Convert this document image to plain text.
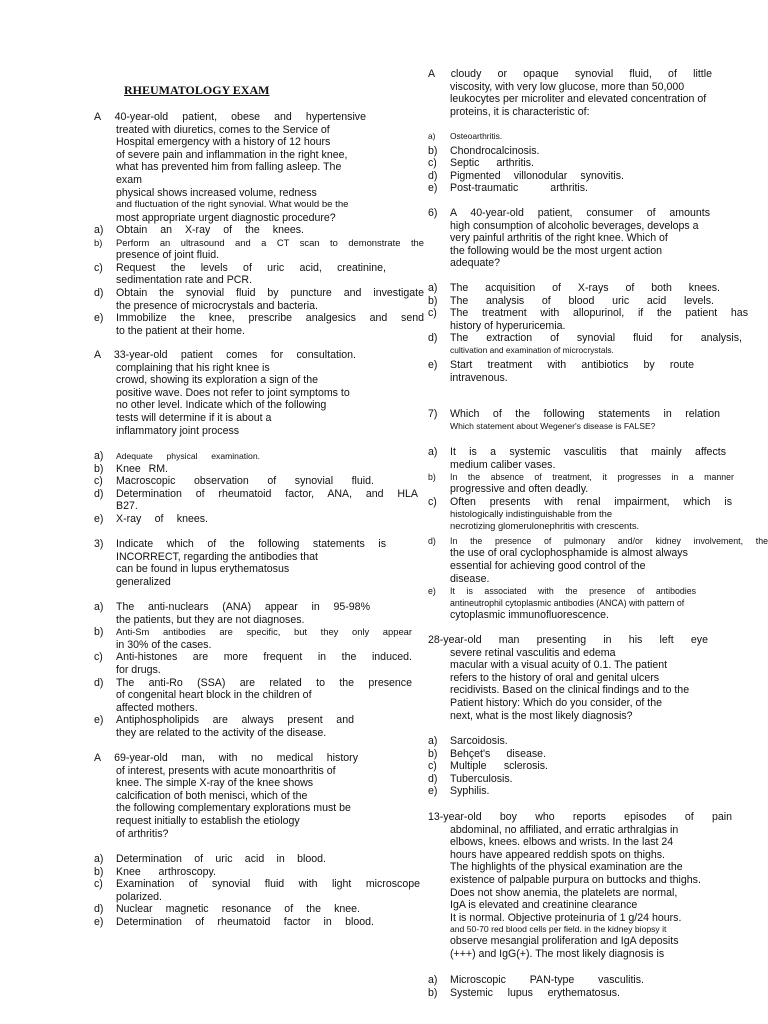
RHEUMATOLOGY EXAM
A 40-year-old patient, obese and hypertensive
treated with diuretics, comes to the Service of
Hospital emergency with a history of 12 hours
of severe pain and inflammation in the right knee,
what has prevented him from falling asleep. The exam
physical shows increased volume, redness
and fluctuation of the right synovial. What would be the
most appropriate urgent diagnostic procedure?
a)	Obtain an X-ray of the knees.
b)	Perform an ultrasound and a CT scan to demonstrate the
presence of joint fluid.
c)	Request the levels of uric acid, creatinine,
sedimentation rate and PCR.
d)	Obtain the synovial fluid by puncture and investigate
the presence of microcrystals and bacteria.
e)	Immobilize the knee, prescribe analgesics and send
to the patient at their home.
A 33-year-old patient comes for consultation.
complaining that his right knee is
crowd, showing its exploration a sign of the
positive wave. Does not refer to joint symptoms to
no other level. Indicate which of the following
tests will determine if it is about a
inflammatory joint process
a)	Adequate physical examination.
b)	Knee RM.
c)	Macroscopic observation of synovial fluid.
d)	Determination of rheumatoid factor, ANA, and HLA
B27.
e)	X-ray of knees.
3)	Indicate which of the following statements is
INCORRECT, regarding the antibodies that
can be found in lupus erythematosus
generalized
a)	The anti-nuclears (ANA) appear in 95-98%
the patients, but they are not diagnoses.
b)	Anti-Sm antibodies are specific, but they only appear
in 30% of the cases.
c)	Anti-histones are more frequent in the induced.
for drugs.
d)	The anti-Ro (SSA) are related to the presence
of congenital heart block in the children of
affected mothers.
e)	Antiphospholipids are always present and
they are related to the activity of the disease.
A 69-year-old man, with no medical history
of interest, presents with acute monoarthritis of
knee. The simple X-ray of the knee shows
calcification of both menisci, which of the
the following complementary explorations must be
request initially to establish the etiology
of arthritis?
a)	Determination of uric acid in blood.
b)	Knee arthroscopy.
c)	Examination of synovial fluid with light microscope
polarized.
d)	Nuclear magnetic resonance of the knee.
e)	Determination of rheumatoid factor in blood.
A cloudy or opaque synovial fluid, of little
viscosity, with very low glucose, more than 50,000
leukocytes per microliter and elevated concentration of
proteins, it is characteristic of:
a)	Osteoarthritis.
b)	Chondrocalcinosis.
c)	Septic arthritis.
d)	Pigmented villonodular synovitis.
e)	Post-traumatic arthritis.
6)	A 40-year-old patient, consumer of amounts
high consumption of alcoholic beverages, develops a
very painful arthritis of the right knee. Which of
the following would be the most urgent action
adequate?
a)	The acquisition of X-rays of both knees.
b)	The analysis of blood uric acid levels.
c)	The treatment with allopurinol, if the patient has
history of hyperuricemia.
d)	The extraction of synovial fluid for analysis,
cultivation and examination of microcrystals.
e)	Start treatment with antibiotics by route
intravenous.
7)	Which of the following statements in relation
Which statement about Wegener's disease is FALSE?
a)	It is a systemic vasculitis that mainly affects
medium caliber vases.
b)	In the absence of treatment, it progresses in a manner
progressive and often deadly.
c)	Often presents with renal impairment, which is
histologically indistinguishable from the
necrotizing glomerulonephritis with crescents.
d)	In the presence of pulmonary and/or kidney involvement, the
the use of oral cyclophosphamide is almost always
essential for achieving good control of the
disease.
e)	It is associated with the presence of antibodies
antineutrophil cytoplasmic antibodies (ANCA) with pattern of
cytoplasmic immunofluorescence.
28-year-old man presenting in his left eye
severe retinal vasculitis and edema
macular with a visual acuity of 0.1. The patient
refers to the history of oral and genital ulcers
recidivists. Based on the clinical findings and to the
Patient history: Which do you consider, of the
next, what is the most likely diagnosis?
a)	Sarcoidosis.
b)	Behçet's disease.
c)	Multiple sclerosis.
d)	Tuberculosis.
e)	Syphilis.
13-year-old boy who reports episodes of pain
abdominal, no affiliated, and erratic arthralgias in
elbows, knees. elbows and wrists. In the last 24
hours have appeared reddish spots on thighs.
The highlights of the physical examination are the
existence of palpable purpura on buttocks and thighs.
Does not show anemia, the platelets are normal,
IgA is elevated and creatinine clearance
It is normal. Objective proteinuria of 1 g/24 hours.
and 50-70 red blood cells per field. in the kidney biopsy it
observe mesangial proliferation and IgA deposits
(+++) and IgG(+). The most likely diagnosis is
a)	Microscopic PAN-type vasculitis.
b)	Systemic lupus erythematosus.
